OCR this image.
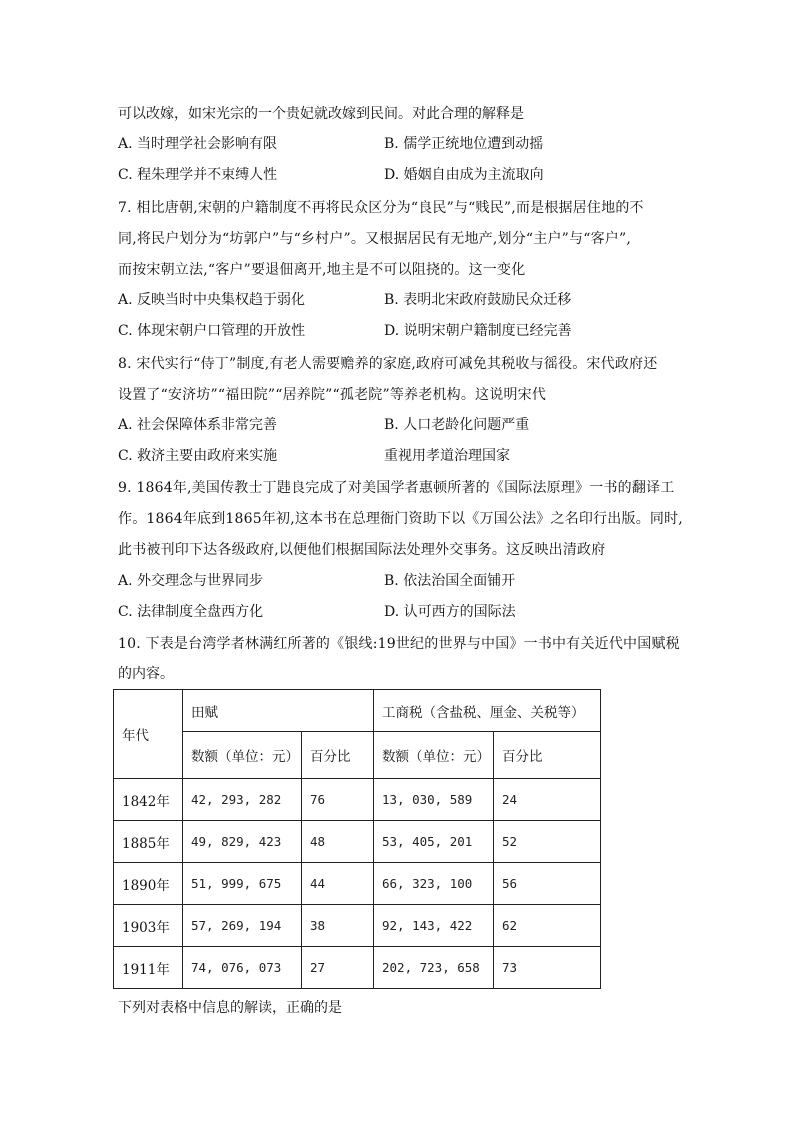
可以改嫁，如宋光宗的一个贵妃就改嫁到民间。对此合理的解释是
A. 当时理学社会影响有限	B. 儒学正统地位遭到动摇
C. 程朱理学并不束缚人性	D. 婚姻自由成为主流取向
7. 相比唐朝,宋朝的户籍制度不再将民众区分为“良民”与“贱民”,而是根据居住地的不
同,将民户划分为“坊郭户”与“乡村户”。又根据居民有无地产,划分“主户”与“客户”,
而按宋朝立法,“客户”要退佃离开,地主是不可以阻挠的。这一变化
A. 反映当时中央集权趋于弱化	B. 表明北宋政府鼓励民众迁移
C. 体现宋朝户口管理的开放性	D. 说明宋朝户籍制度已经完善
8. 宋代实行“侍丁”制度,有老人需要赡养的家庭,政府可减免其税收与徭役。宋代政府还
设置了“安济坊”“福田院”“居养院”“孤老院”等养老机构。这说明宋代
A. 社会保障体系非常完善	B. 人口老龄化问题严重
C. 救济主要由政府来实施	重视用孝道治理国家
9. 1864年,美国传教士丁韪良完成了对美国学者惠顿所著的《国际法原理》一书的翻译工
作。1864年底到1865年初,这本书在总理衙门资助下以《万国公法》之名印行出版。同时,
此书被刊印下达各级政府,以便他们根据国际法处理外交事务。这反映出清政府
A. 外交理念与世界同步	B. 依法治国全面铺开
C. 法律制度全盘西方化	D. 认可西方的国际法
10. 下表是台湾学者林满红所著的《银线:19世纪的世界与中国》一书中有关近代中国赋税
的内容。
年代	田赋		工商税（含盐税、厘金、关税等）	
	数额（单位：元）	百分比	数额（单位：元）	百分比
1842年	42, 293, 282	76	13, 030, 589	24
1885年	49, 829, 423	48	53, 405, 201	52
1890年	51, 999, 675	44	66, 323, 100	56
1903年	57, 269, 194	38	92, 143, 422	62
1911年	74, 076, 073	27	202, 723, 658	73
下列对表格中信息的解读，正确的是
